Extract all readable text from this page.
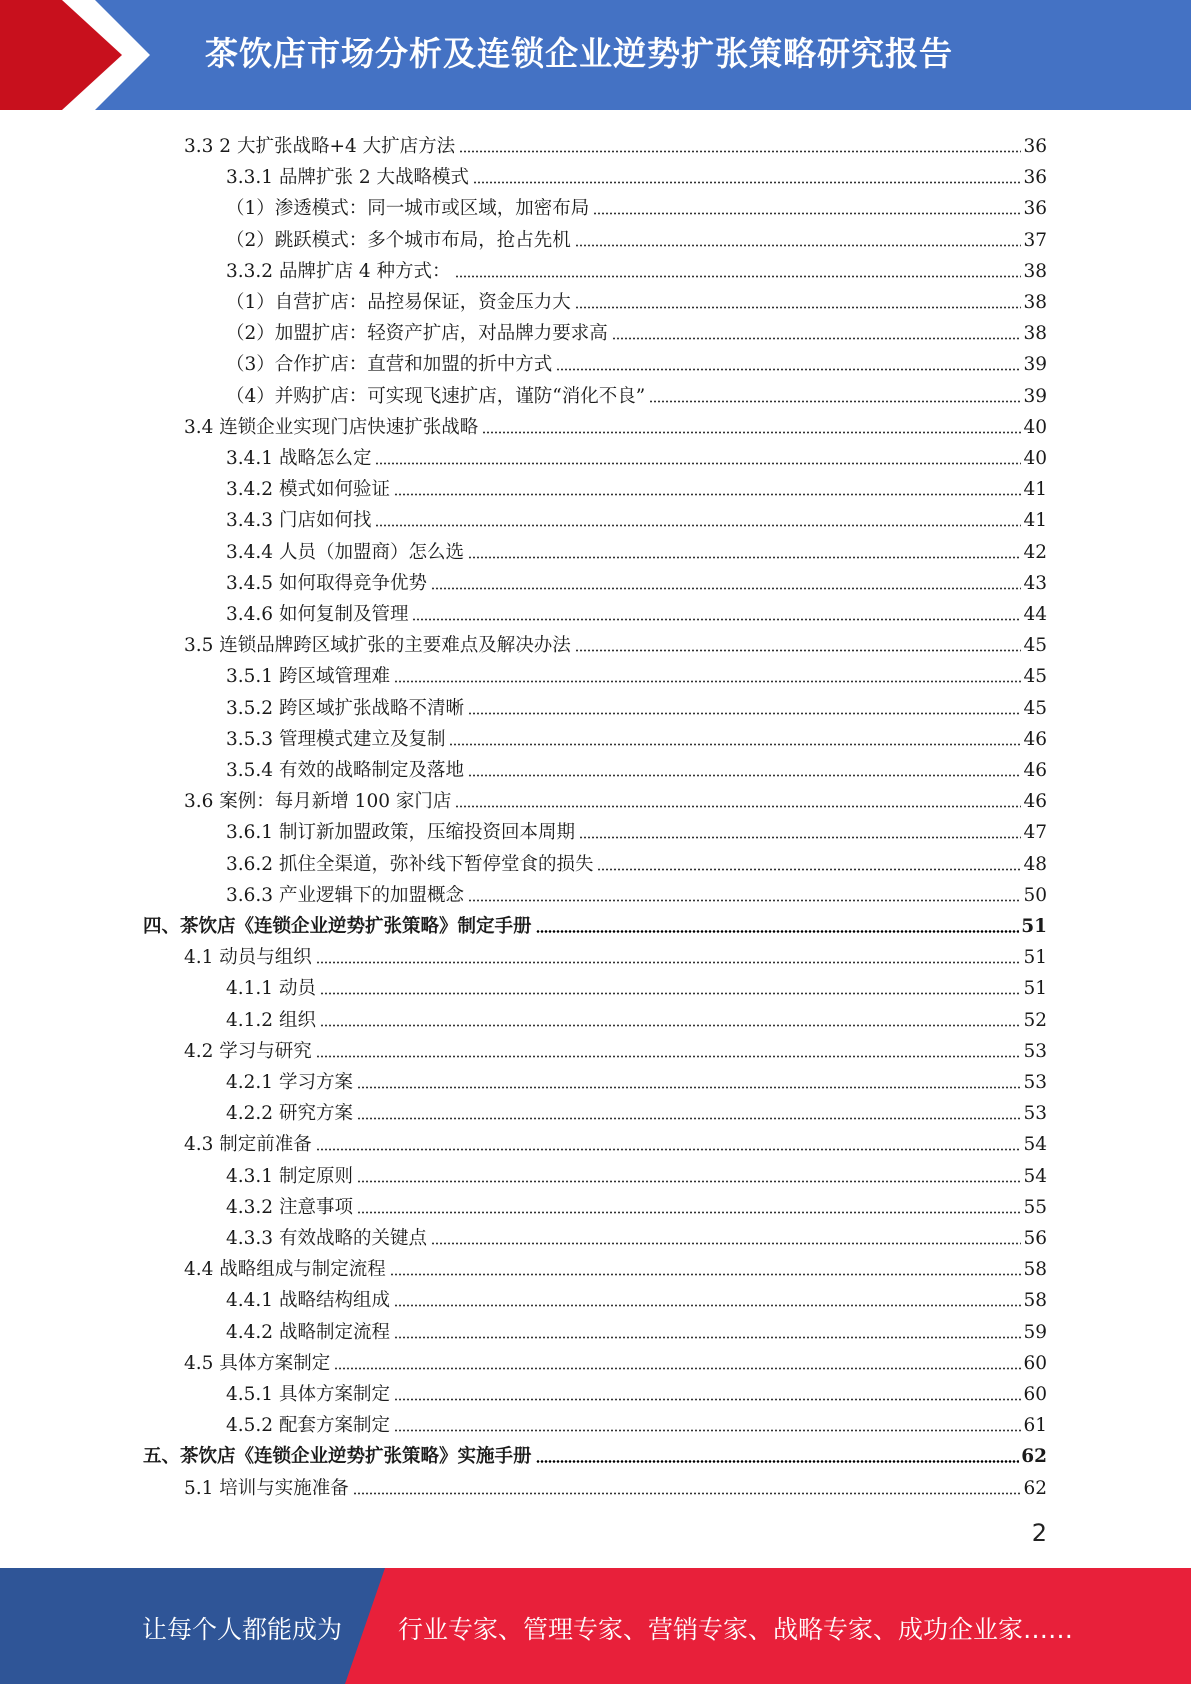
茶饮店市场分析及连锁企业逆势扩张策略研究报告
3.3 2 大扩张战略+4 大扩店方法	36
3.3.1 品牌扩张 2 大战略模式	36
（1）渗透模式：同一城市或区域，加密布局	36
（2）跳跃模式：多个城市布局，抢占先机	37
3.3.2 品牌扩店 4 种方式：	38
（1）自营扩店：品控易保证，资金压力大	38
（2）加盟扩店：轻资产扩店，对品牌力要求高	38
（3）合作扩店：直营和加盟的折中方式	39
（4）并购扩店：可实现飞速扩店，谨防“消化不良”	39
3.4 连锁企业实现门店快速扩张战略	40
3.4.1 战略怎么定	40
3.4.2 模式如何验证	41
3.4.3 门店如何找	41
3.4.4 人员（加盟商）怎么选	42
3.4.5 如何取得竞争优势	43
3.4.6 如何复制及管理	44
3.5 连锁品牌跨区域扩张的主要难点及解决办法	45
3.5.1 跨区域管理难	45
3.5.2 跨区域扩张战略不清晰	45
3.5.3 管理模式建立及复制	46
3.5.4 有效的战略制定及落地	46
3.6 案例：每月新增 100 家门店	46
3.6.1 制订新加盟政策，压缩投资回本周期	47
3.6.2 抓住全渠道，弥补线下暂停堂食的损失	48
3.6.3 产业逻辑下的加盟概念	50
四、茶饮店《连锁企业逆势扩张策略》制定手册	51
4.1 动员与组织	51
4.1.1 动员	51
4.1.2 组织	52
4.2 学习与研究	53
4.2.1 学习方案	53
4.2.2 研究方案	53
4.3 制定前准备	54
4.3.1 制定原则	54
4.3.2 注意事项	55
4.3.3 有效战略的关键点	56
4.4 战略组成与制定流程	58
4.4.1 战略结构组成	58
4.4.2 战略制定流程	59
4.5 具体方案制定	60
4.5.1 具体方案制定	60
4.5.2 配套方案制定	61
五、茶饮店《连锁企业逆势扩张策略》实施手册	62
5.1 培训与实施准备	62
2
让每个人都能成为 行业专家、管理专家、营销专家、战略专家、成功企业家……
